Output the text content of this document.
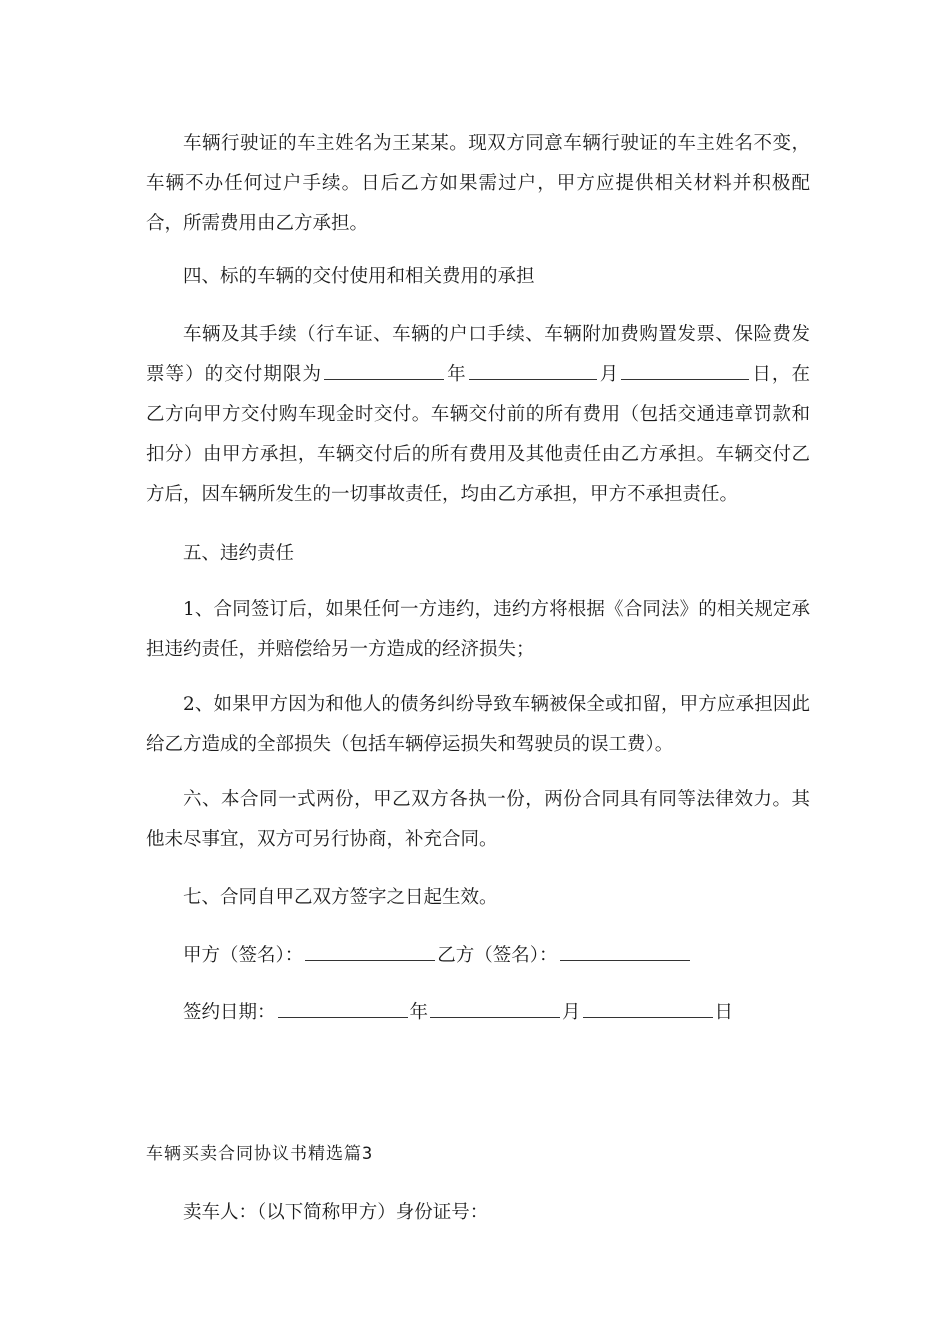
车辆行驶证的车主姓名为王某某。现双方同意车辆行驶证的车主姓名不变，车辆不办任何过户手续。日后乙方如果需过户，甲方应提供相关材料并积极配合，所需费用由乙方承担。

四、标的车辆的交付使用和相关费用的承担

车辆及其手续（行车证、车辆的户口手续、车辆附加费购置发票、保险费发票等）的交付期限为	年	月	日，在乙方向甲方交付购车现金时交付。车辆交付前的所有费用（包括交通违章罚款和扣分）由甲方承担，车辆交付后的所有费用及其他责任由乙方承担。车辆交付乙方后，因车辆所发生的一切事故责任，均由乙方承担，甲方不承担责任。

五、违约责任

1、合同签订后，如果任何一方违约，违约方将根据《合同法》的相关规定承担违约责任，并赔偿给另一方造成的经济损失；

2、如果甲方因为和他人的债务纠纷导致车辆被保全或扣留，甲方应承担因此给乙方造成的全部损失（包括车辆停运损失和驾驶员的误工费）。

六、本合同一式两份，甲乙双方各执一份，两份合同具有同等法律效力。其他未尽事宜，双方可另行协商，补充合同。

七、合同自甲乙双方签字之日起生效。

甲方（签名）：	乙方（签名）：

签约日期：	年	月	日

车辆买卖合同协议书精选篇3

卖车人：（以下简称甲方）身份证号：
